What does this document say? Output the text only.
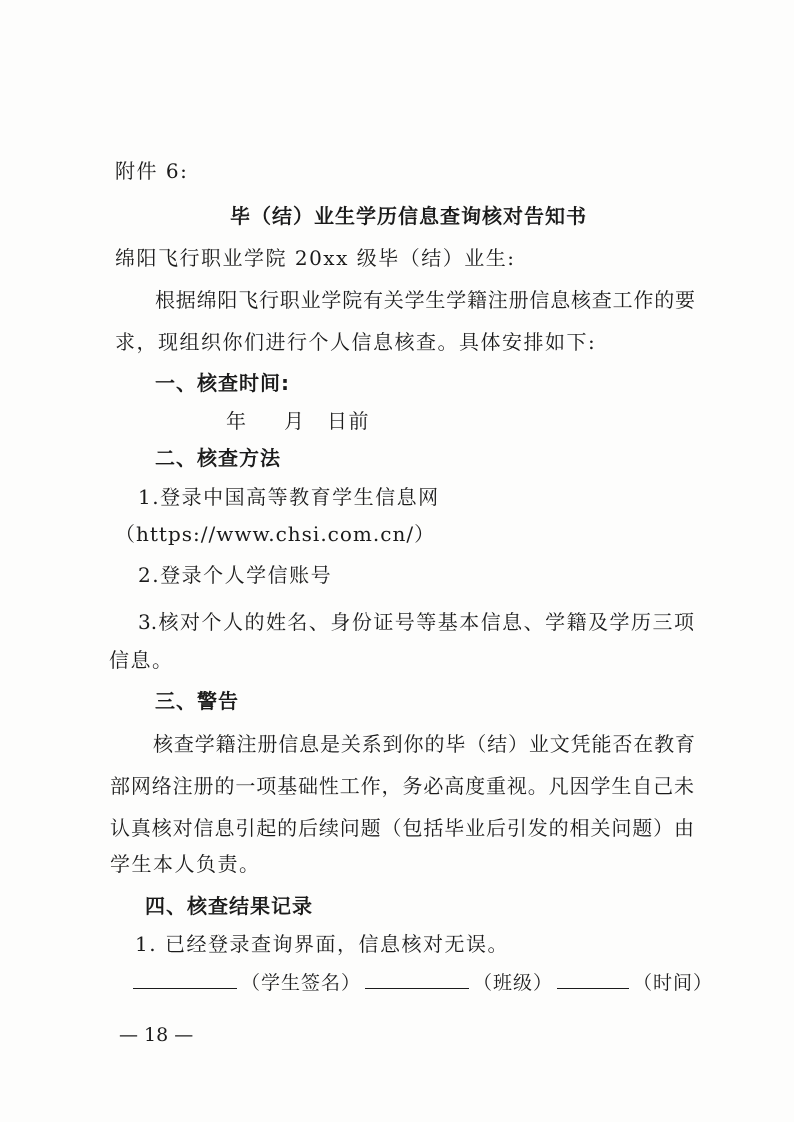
附件 6:
毕（结）业生学历信息查询核对告知书
绵阳飞行职业学院 20xx 级毕（结）业生:
根据绵阳飞行职业学院有关学生学籍注册信息核查工作的要
求，现组织你们进行个人信息核查。具体安排如下:
一、核查时间:
年 月 日前
二、核查方法
1.登录中国高等教育学生信息网
（https://www.chsi.com.cn/）
2.登录个人学信账号
3.核对个人的姓名、身份证号等基本信息、学籍及学历三项
信息。
三、警告
核查学籍注册信息是关系到你的毕（结）业文凭能否在教育
部网络注册的一项基础性工作，务必高度重视。凡因学生自己未
认真核对信息引起的后续问题（包括毕业后引发的相关问题）由
学生本人负责。
四、核查结果记录
1. 已经登录查询界面，信息核对无误。
（学生签名）	（班级）	（时间）
— 18 —
